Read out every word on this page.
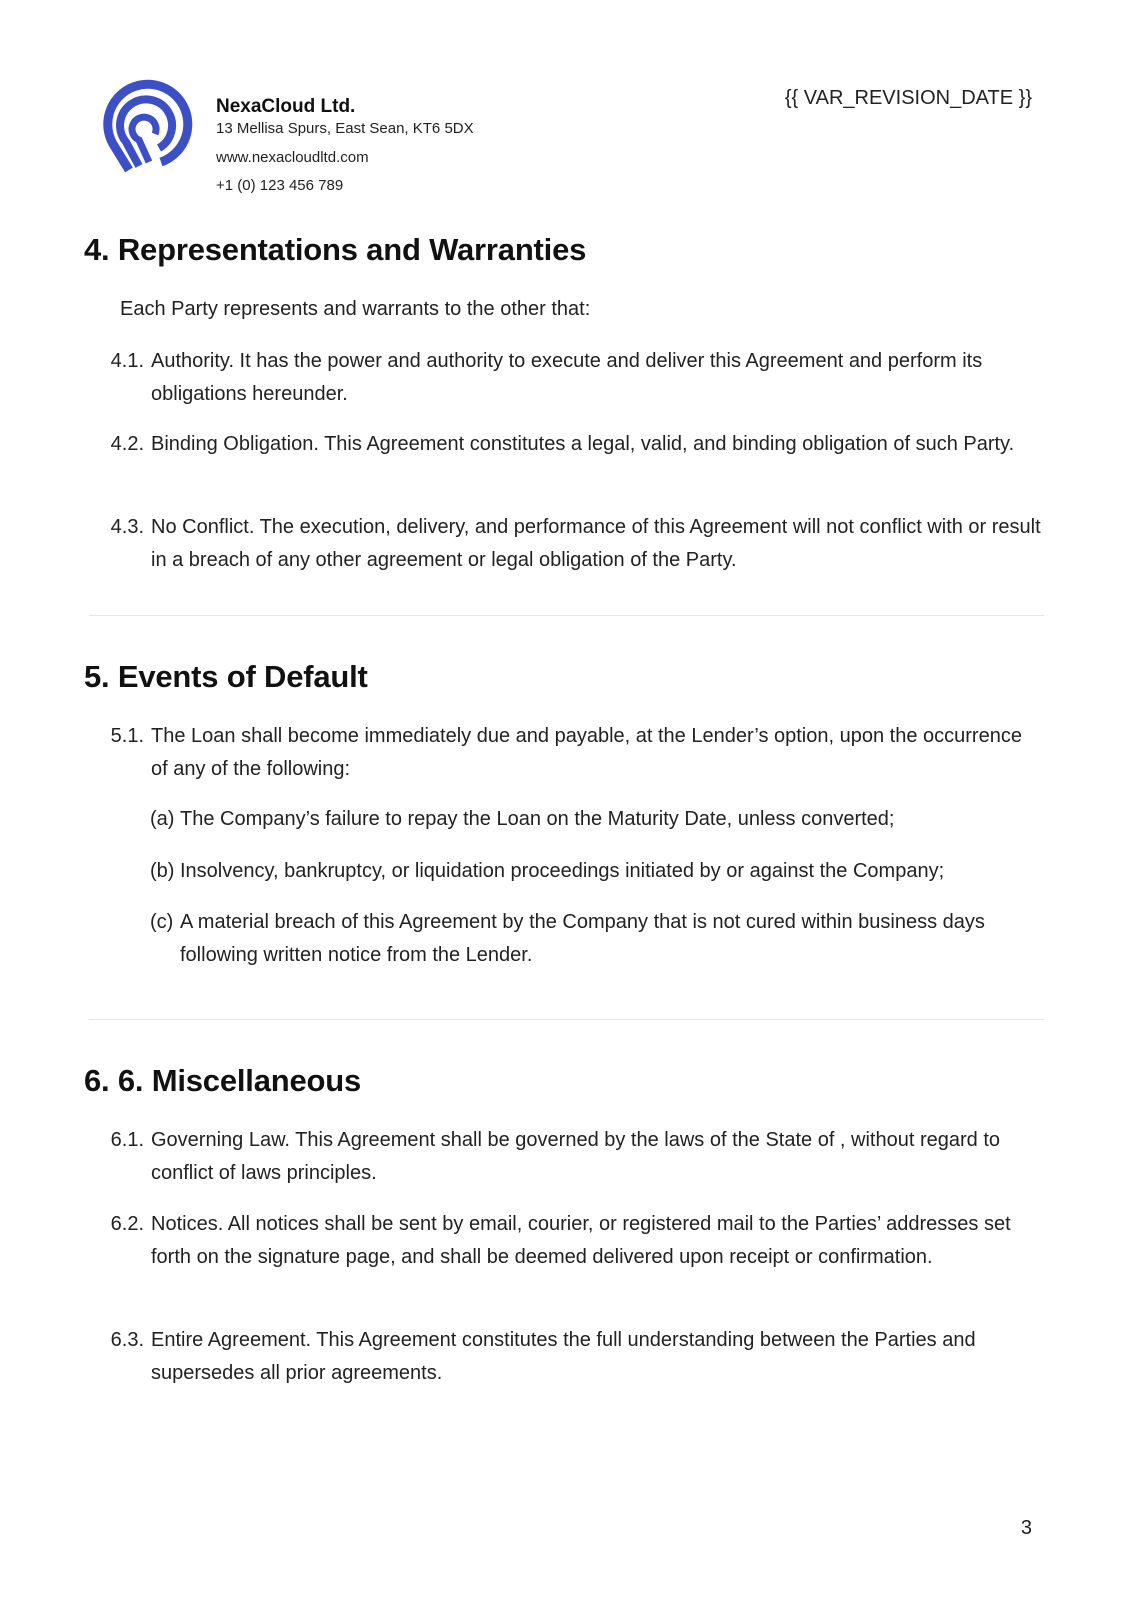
NexaCloud Ltd.
13 Mellisa Spurs, East Sean, KT6 5DX
www.nexacloudltd.com
+1 (0) 123 456 789
{{ VAR_REVISION_DATE }}
4. Representations and Warranties
Each Party represents and warrants to the other that:
4.1. Authority. It has the power and authority to execute and deliver this Agreement and perform its obligations hereunder.
4.2. Binding Obligation. This Agreement constitutes a legal, valid, and binding obligation of such Party.
4.3. No Conflict. The execution, delivery, and performance of this Agreement will not conflict with or result in a breach of any other agreement or legal obligation of the Party.
5. Events of Default
5.1. The Loan shall become immediately due and payable, at the Lender’s option, upon the occurrence of any of the following:
(a) The Company’s failure to repay the Loan on the Maturity Date, unless converted;
(b) Insolvency, bankruptcy, or liquidation proceedings initiated by or against the Company;
(c) A material breach of this Agreement by the Company that is not cured within business days following written notice from the Lender.
6. 6. Miscellaneous
6.1. Governing Law. This Agreement shall be governed by the laws of the State of , without regard to conflict of laws principles.
6.2. Notices. All notices shall be sent by email, courier, or registered mail to the Parties’ addresses set forth on the signature page, and shall be deemed delivered upon receipt or confirmation.
6.3. Entire Agreement. This Agreement constitutes the full understanding between the Parties and supersedes all prior agreements.
3
